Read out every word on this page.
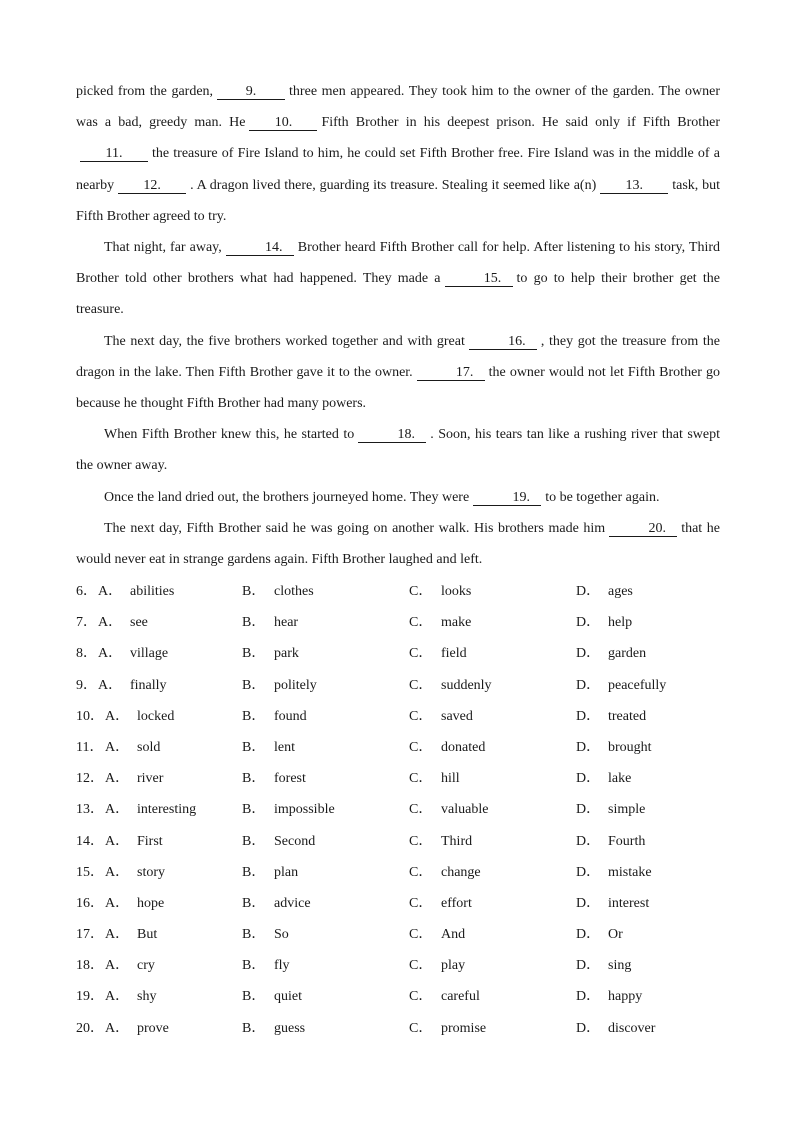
picked from the garden, 9. three men appeared. They took him to the owner of the garden. The owner was a bad, greedy man. He 10. Fifth Brother in his deepest prison. He said only if Fifth Brother11. the treasure of Fire Island to him, he could set Fifth Brother free. Fire Island was in the middle of a nearby 12. . A dragon lived there, guarding its treasure. Stealing it seemed like a(n) 13. task, but Fifth Brother agreed to try.

That night, far away,	14. Brother heard Fifth Brother call for help. After listening to his story, Third Brother told other brothers what had happened. They made a	15. to go to help their brother get the treasure.

The next day, the five brothers worked together and with great	16. , they got the treasure from the dragon in the lake. Then Fifth Brother gave it to the owner.	17. the owner would not let Fifth Brother go because he thought Fifth Brother had many powers.

When Fifth Brother knew this, he started to	18. . Soon, his tears tan like a rushing river that swept the owner away.

Once the land dried out, the brothers journeyed home. They were	19. to be together again.

The next day, Fifth Brother said he was going on another walk. His brothers made him	20. that he would never eat in strange gardens again. Fifth Brother laughed and left.

6． A． abilities	B． clothes	C． looks	D． ages
7． A． see	B． hear	C． make	D． help
8． A． village	B． park	C． field	D． garden
9． A． finally	B． politely	C． suddenly	D． peacefully
10． A． locked	B． found	C． saved	D． treated
11． A． sold	B． lent	C． donated	D． brought
12． A． river	B． forest	C． hill	D． lake
13． A． interesting	B． impossible	C． valuable	D． simple
14． A． First	B． Second	C． Third	D． Fourth
15． A． story	B． plan	C． change	D． mistake
16． A． hope	B． advice	C． effort	D． interest
17． A． But	B． So	C． And	D． Or
18． A． cry	B． fly	C． play	D． sing
19． A． shy	B． quiet	C． careful	D． happy
20． A． prove	B． guess	C． promise	D． discover
